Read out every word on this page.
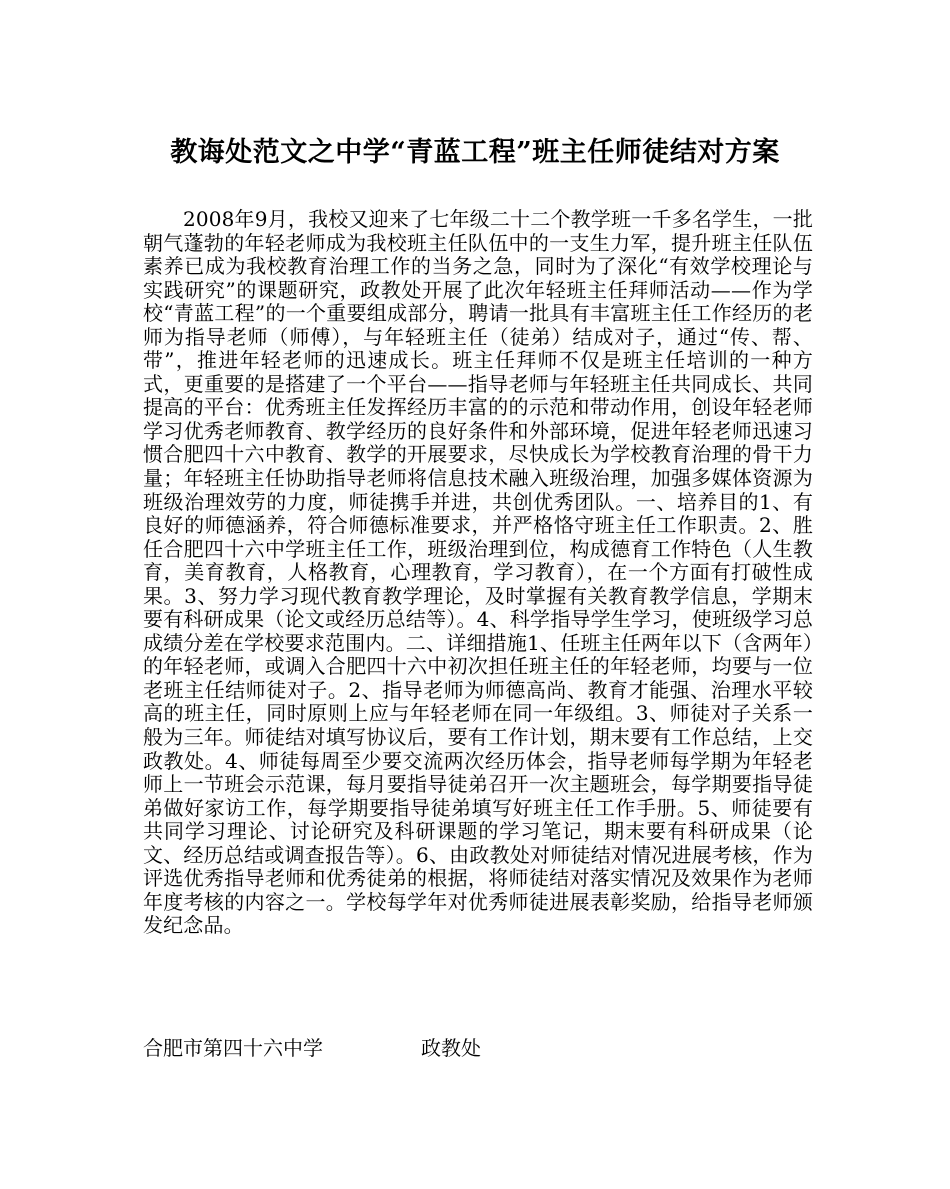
教诲处范文之中学“青蓝工程”班主任师徒结对方案

2008年9月，我校又迎来了七年级二十二个教学班一千多名学生，一批朝气蓬勃的年轻老师成为我校班主任队伍中的一支生力军，提升班主任队伍素养已成为我校教育治理工作的当务之急，同时为了深化“有效学校理论与实践研究”的课题研究，政教处开展了此次年轻班主任拜师活动——作为学校“青蓝工程”的一个重要组成部分，聘请一批具有丰富班主任工作经历的老师为指导老师（师傅），与年轻班主任（徒弟）结成对子，通过“传、帮、带”，推进年轻老师的迅速成长。班主任拜师不仅是班主任培训的一种方式，更重要的是搭建了一个平台——指导老师与年轻班主任共同成长、共同提高的平台：优秀班主任发挥经历丰富的的示范和带动作用，创设年轻老师学习优秀老师教育、教学经历的良好条件和外部环境，促进年轻老师迅速习惯合肥四十六中教育、教学的开展要求，尽快成长为学校教育治理的骨干力量；年轻班主任协助指导老师将信息技术融入班级治理，加强多媒体资源为班级治理效劳的力度，师徒携手并进，共创优秀团队。一、培养目的1、有良好的师德涵养，符合师德标准要求，并严格恪守班主任工作职责。2、胜任合肥四十六中学班主任工作，班级治理到位，构成德育工作特色（人生教育，美育教育，人格教育，心理教育，学习教育），在一个方面有打破性成果。3、努力学习现代教育教学理论，及时掌握有关教育教学信息，学期末要有科研成果（论文或经历总结等）。4、科学指导学生学习，使班级学习总成绩分差在学校要求范围内。二、详细措施1、任班主任两年以下（含两年）的年轻老师，或调入合肥四十六中初次担任班主任的年轻老师，均要与一位老班主任结师徒对子。2、指导老师为师德高尚、教育才能强、治理水平较高的班主任，同时原则上应与年轻老师在同一年级组。3、师徒对子关系一般为三年。师徒结对填写协议后，要有工作计划，期末要有工作总结，上交政教处。4、师徒每周至少要交流两次经历体会，指导老师每学期为年轻老师上一节班会示范课，每月要指导徒弟召开一次主题班会，每学期要指导徒弟做好家访工作，每学期要指导徒弟填写好班主任工作手册。5、师徒要有共同学习理论、讨论研究及科研课题的学习笔记，期末要有科研成果（论文、经历总结或调查报告等）。6、由政教处对师徒结对情况进展考核，作为评选优秀指导老师和优秀徒弟的根据，将师徒结对落实情况及效果作为老师年度考核的内容之一。学校每学年对优秀师徒进展表彰奖励，给指导老师颁发纪念品。

合肥市第四十六中学	政教处
